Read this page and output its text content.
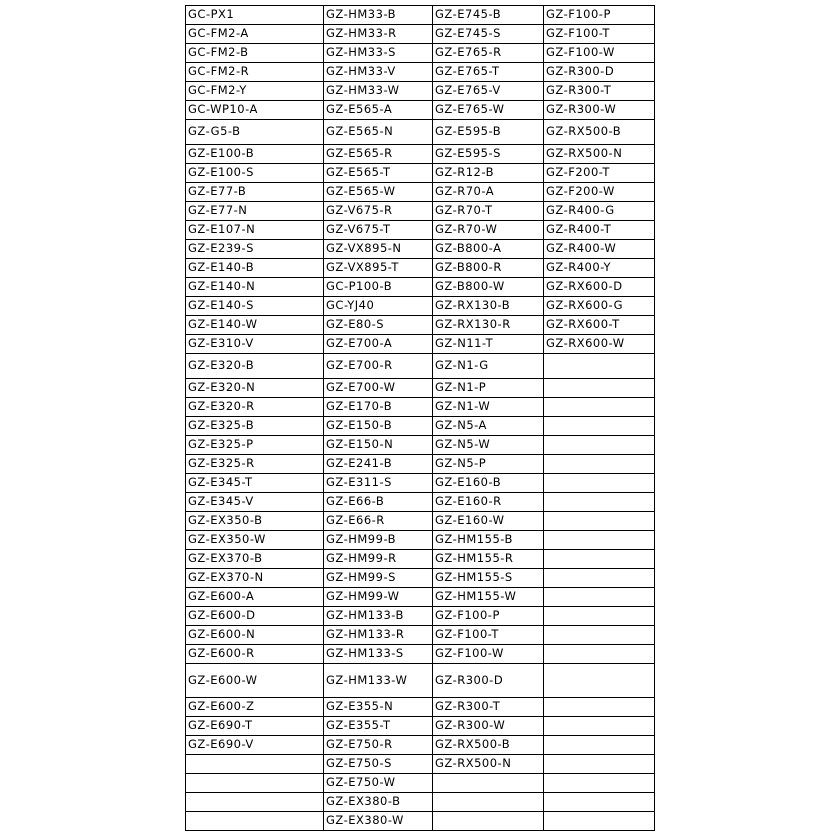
GC-PX1	GZ-HM33-B	GZ-E745-B	GZ-F100-P
GC-FM2-A	GZ-HM33-R	GZ-E745-S	GZ-F100-T
GC-FM2-B	GZ-HM33-S	GZ-E765-R	GZ-F100-W
GC-FM2-R	GZ-HM33-V	GZ-E765-T	GZ-R300-D
GC-FM2-Y	GZ-HM33-W	GZ-E765-V	GZ-R300-T
GC-WP10-A	GZ-E565-A	GZ-E765-W	GZ-R300-W
GZ-G5-B	GZ-E565-N	GZ-E595-B	GZ-RX500-B
GZ-E100-B	GZ-E565-R	GZ-E595-S	GZ-RX500-N
GZ-E100-S	GZ-E565-T	GZ-R12-B	GZ-F200-T
GZ-E77-B	GZ-E565-W	GZ-R70-A	GZ-F200-W
GZ-E77-N	GZ-V675-R	GZ-R70-T	GZ-R400-G
GZ-E107-N	GZ-V675-T	GZ-R70-W	GZ-R400-T
GZ-E239-S	GZ-VX895-N	GZ-B800-A	GZ-R400-W
GZ-E140-B	GZ-VX895-T	GZ-B800-R	GZ-R400-Y
GZ-E140-N	GC-P100-B	GZ-B800-W	GZ-RX600-D
GZ-E140-S	GC-YJ40	GZ-RX130-B	GZ-RX600-G
GZ-E140-W	GZ-E80-S	GZ-RX130-R	GZ-RX600-T
GZ-E310-V	GZ-E700-A	GZ-N11-T	GZ-RX600-W
GZ-E320-B	GZ-E700-R	GZ-N1-G	
GZ-E320-N	GZ-E700-W	GZ-N1-P	
GZ-E320-R	GZ-E170-B	GZ-N1-W	
GZ-E325-B	GZ-E150-B	GZ-N5-A	
GZ-E325-P	GZ-E150-N	GZ-N5-W	
GZ-E325-R	GZ-E241-B	GZ-N5-P	
GZ-E345-T	GZ-E311-S	GZ-E160-B	
GZ-E345-V	GZ-E66-B	GZ-E160-R	
GZ-EX350-B	GZ-E66-R	GZ-E160-W	
GZ-EX350-W	GZ-HM99-B	GZ-HM155-B	
GZ-EX370-B	GZ-HM99-R	GZ-HM155-R	
GZ-EX370-N	GZ-HM99-S	GZ-HM155-S	
GZ-E600-A	GZ-HM99-W	GZ-HM155-W	
GZ-E600-D	GZ-HM133-B	GZ-F100-P	
GZ-E600-N	GZ-HM133-R	GZ-F100-T	
GZ-E600-R	GZ-HM133-S	GZ-F100-W	
GZ-E600-W	GZ-HM133-W	GZ-R300-D	
GZ-E600-Z	GZ-E355-N	GZ-R300-T	
GZ-E690-T	GZ-E355-T	GZ-R300-W	
GZ-E690-V	GZ-E750-R	GZ-RX500-B	
	GZ-E750-S	GZ-RX500-N	
	GZ-E750-W		
	GZ-EX380-B		
	GZ-EX380-W		
